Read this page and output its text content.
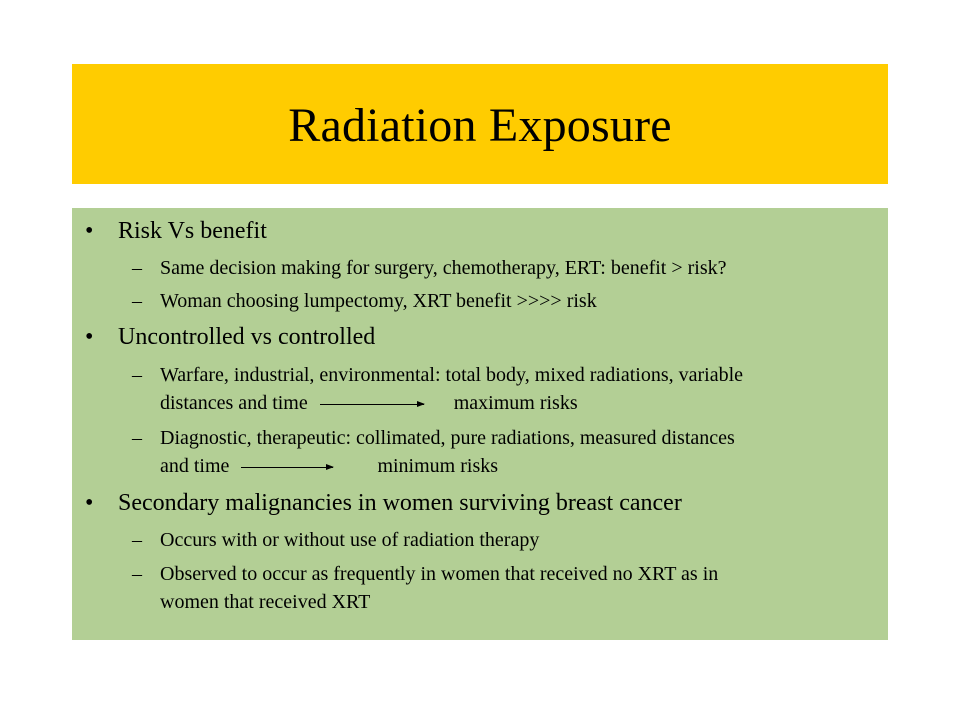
Radiation Exposure
• Risk Vs benefit
– Same decision making for surgery, chemotherapy, ERT: benefit > risk?
– Woman choosing lumpectomy, XRT benefit >>>> risk
• Uncontrolled vs controlled
– Warfare, industrial, environmental: total body, mixed radiations, variable
distances and time	maximum risks
– Diagnostic, therapeutic: collimated, pure radiations, measured distances
and time	minimum risks
• Secondary malignancies in women surviving breast cancer
– Occurs with or without use of radiation therapy
– Observed to occur as frequently in women that received no XRT as in
women that received XRT
